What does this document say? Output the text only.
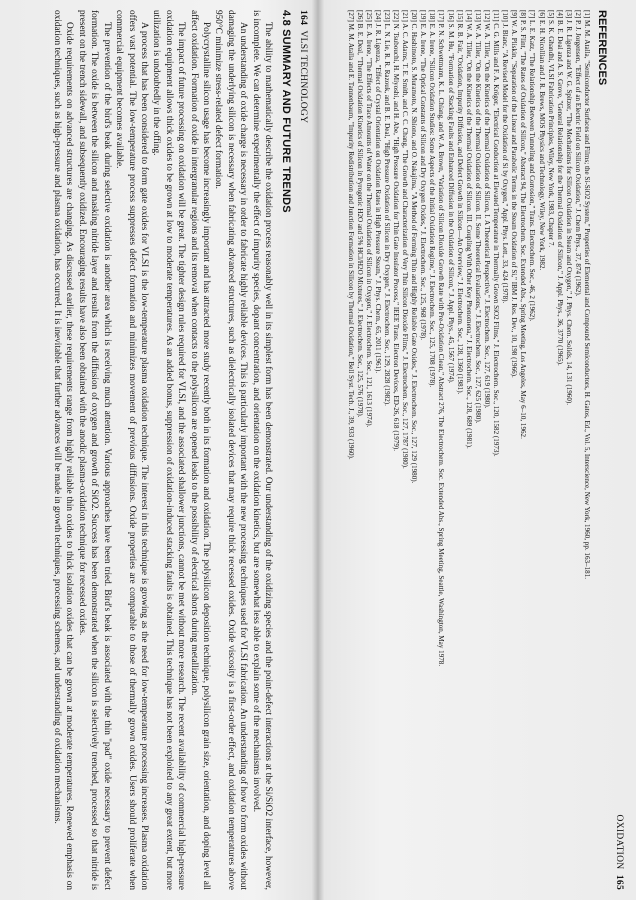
164  VLSI TECHNOLOGY
4.8 SUMMARY AND FUTURE TRENDS

The ability to mathematically describe the oxidation process reasonably well in its simplest form has been demonstrated. Our understanding of the oxidizing species and the point-defect interactions at the Si/SiO2 interface, however, is incomplete. We can determine experimentally the effect of impurity species, dopant concentration, and orientation on the oxidation kinetics, but are somewhat less able to explain some of the mechanisms involved.

An understanding of oxide charge is necessary in order to fabricate highly reliable devices. This is particularly important with the new processing techniques used for VLSI fabrication. An understanding of how to form oxides without damaging the underlying silicon is necessary when fabricating advanced structures, such as dielectrically isolated devices that may require thick recessed oxides. Oxide viscosity is a first-order effect, and oxidation temperatures above 950°C minimize stress-related defect formation.

Polycrystalline silicon usage has become increasingly important and has attracted more study recently both in its formation and oxidation. The polysilicon deposition technique, polysilicon grain size, orientation, and doping level all affect oxidation. Formation of oxide in intergranular regions and its removal when contacts to the polysilicon are opened leads to the possibility of electrical shorts during metallization.

The impact of future processing on oxidation will be great. The tighter design rules required for VLSI, and the associated shallower junctions, cannot be met without more research. The recent availability of commercial high-pressure oxidation equipment allows thick oxides to be grown at low to moderate temperatures. As an added bonus, suppression of oxidation-induced stacking faults is obtained. This technique has not been exploited to any great extent, but more utilization is undoubtedly in the offing.

A process that has been considered to form gate oxides for VLSI is the low-temperature plasma oxidation technique. The interest in this technique is growing as the need for low-temperature processing increases. Plasma oxidation offers vast potential. The low-temperature process suppresses defect formation and minimizes movement of previous diffusions. Oxide properties are comparable to those of thermally grown oxides. Users should proliferate when commercial equipment becomes available.

The prevention of the bird's beak during selective oxidation is another area which is receiving much attention. Various approaches have been tried. Bird's beak is associated with the thin "pad" oxide necessary to prevent defect formation. The oxide is between the silicon and masking nitride layer and results from the diffusion of oxygen and growth of SiO2. Success has been demonstrated when the silicon is selectively trenched, processed so that nitride is present on the trench sidewall, and subsequently oxidized. Encouraging results have also been obtained with the anodic plasma-oxidation technique for recessed oxides.

Oxide requirements on advanced structures are changing. As discussed earlier, these requirements range from highly reliable thin oxides to thick isolation oxides that can be grown at moderate temperatures. Renewed emphasis on oxidation techniques, such as high-pressure and plasma oxidation, has occurred. It is inevitable that further advances will be made in growth techniques, processing schemes, and understanding of oxidation mechanisms.

OXIDATION  165
REFERENCES

[1] M. M. Atalla, "Semiconductor Surfaces and Films; the Si-SiO2 System," Properties of Elemental and Compound Semiconductors, H. Gatos, Ed., Vol. 5, Interscience, New York, 1960, pp. 163–181.

[2] P. J. Jorgensen, "Effect of an Electric Field on Silicon Oxidation," J. Chem Phys., 37, 874 (1962).

[3] J. R. Ligenza and W. G. Spitzer, "The Mechanisms for Silicon Oxidation in Steam and Oxygen," J. Phys. Chem. Solids, 14, 131 (1960).

[4] B. E. Deal and A. S. Grove, "General Relationship for the Thermal Oxidation of Silicon," J. Appl. Phys., 36, 3770 (1965).

[5] S. K. Ghandhi, VLSI Fabrication Principles, Wiley, New York, 1983, Chapter 7.

[6] E. H. Nicollian and J. R. Brews, MOS Physics and Technology, Wiley, New York, 1982.

[7] L. E. Katz, "The Relationship Between Tunneling and Corrosion," Trans. Electrochem. Soc., 46, 2 (1962).

[8] P. S. Flint, "The Rates of Oxidation of Silicon," Abstract 94, The Electrochem. Soc. Extended Abs., Spring Meeting, Los Angeles, May 6–10, 1962.

[9] W. A. Pliskin, "Separation of the Linear and Parabolic Terms in the Steam Oxidation of Si," IBM J. Res. Dev., 10, 198 (1966).

[10] J. Blanc, "A Revised Model for the Oxidation of Si by Oxygen," Appl. Phys. Lett., 33, 424 (1978).

[11] C. G. Mills and F. A. Kröger, "Electrical Conduction at Elevated Temperature in Thermally Grown SiO2 Films," J. Electrochem. Soc., 120, 1582 (1973).

[12] W. A. Tiller, "On the Kinetics of the Thermal Oxidation of Silicon, I. A Theoretical Perspective," J. Electrochem. Soc., 127, 619 (1980).

[13] W. A. Tiller, "On the Kinetics of the Thermal Oxidation of Silicon. II. Some Theoretical Evaluations," J. Electrochem. Soc., 127, 625 (1980).

[14] W. A. Tiller, "On the Kinetics of the Thermal Oxidation of Silicon. III. Coupling With Other Key Phenomena," J. Electrochem. Soc., 128, 689 (1981).

[15] R. B. Fair, "Oxidation, Impurity Diffusion, and Defect Growth in Silicon—An Overview," J. Electrochem. Soc., 128, 1360 (1981).

[16] S. M. Hu, "Formation of Stacking Faults and Enhanced Diffusion in the Oxidation of Silicon," J. Appl. Phys., 45, 1567 (1974).

[17] P. N. Schwettmann, K. L. Chiang, and W. A. Brown, "Variation of Silicon Dioxide Growth Rate with Pre-Oxidation Clean," Abstract 276, The Electrochem. Soc. Extended Abs., Spring Meeting, Seattle, Washington, May 1978.

[18] E. A. Irene, "Silicon Oxidation Studies: Some Aspects of the Initial Oxidation Regime," J. Electrochem. Soc., 125, 1708 (1978).

[19] E. A. Irene, "The Optical Constants of Silicon and Dry Oxygen Oxides," J. Electrochem. Soc., 125, 968 (1978).

[20] C. Hashimoto, S. Muramoto, N. Shiono, and O. Nakajima, "A Method of Forming Thin and Highly Reliable Gate Oxides," J. Electrochem. Soc., 127, 129 (1980).

[21] A. C. Adams, T. E. Smith, and C. C. Chang, "The Growth and Characterization of Very Thin Silicon Dioxide Films," J. Electrochem. Soc., 127, 1787 (1980).

[22] N. Tsubouchi, H. Miyoshi, and H. Abe, "High Pressure Oxidation for Thin Gate Insulator Process," IEEE Trans. Electron Devices, ED-26, 618 (1979).

[23] L. N. Lie, R. R. Razouk, and B. E. Deal, "High Pressure Oxidation of Silicon in Dry Oxygen," J. Electrochem. Soc., 129, 2828 (1982).

[24] J. R. Ligenza, "Effect of Crystal Orientation on Oxidation Rates in High Pressure Steam," J. Phys. Chem., 65, 2011 (1961).

[25] E. A. Irene, "The Effects of Trace Amounts of Water on the Thermal Oxidation of Silicon in Oxygen," J. Electrochem. Soc., 121, 1613 (1974).

[26] B. E. Deal, "Thermal Oxidation Kinetics of Silicon in Pyrogenic H2O and 5% HCl/H2O Mixtures," J. Electrochem. Soc., 125, 576 (1978).

[27] M. M. Atalla and E. Tannenbaum, "Impurity Redistribution and Junction Formation in Silicon by Thermal Oxidation," Bell Syst. Tech. J., 39, 933 (1960).
